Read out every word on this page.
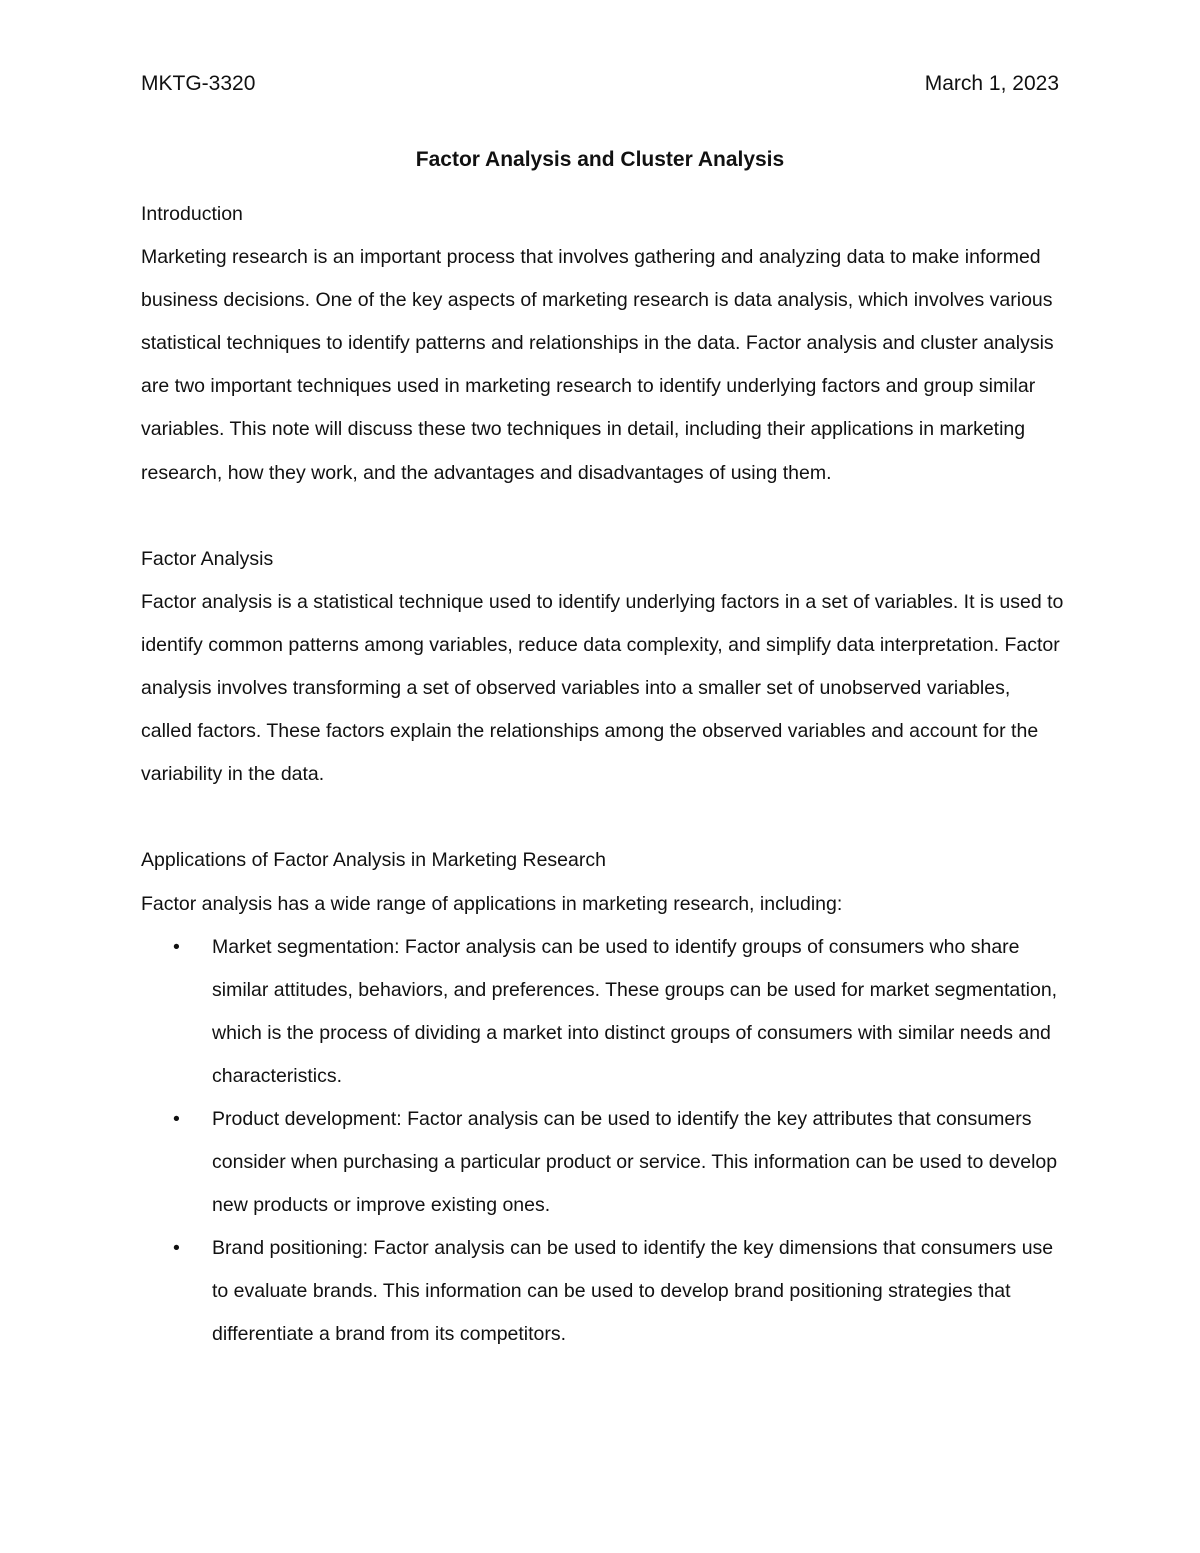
MKTG-3320	March 1, 2023
Factor Analysis and Cluster Analysis
Introduction

Marketing research is an important process that involves gathering and analyzing data to make informed business decisions. One of the key aspects of marketing research is data analysis, which involves various statistical techniques to identify patterns and relationships in the data. Factor analysis and cluster analysis are two important techniques used in marketing research to identify underlying factors and group similar variables. This note will discuss these two techniques in detail, including their applications in marketing research, how they work, and the advantages and disadvantages of using them.

Factor Analysis

Factor analysis is a statistical technique used to identify underlying factors in a set of variables. It is used to identify common patterns among variables, reduce data complexity, and simplify data interpretation. Factor analysis involves transforming a set of observed variables into a smaller set of unobserved variables, called factors. These factors explain the relationships among the observed variables and account for the variability in the data.

Applications of Factor Analysis in Marketing Research

Factor analysis has a wide range of applications in marketing research, including:

• Market segmentation: Factor analysis can be used to identify groups of consumers who share similar attitudes, behaviors, and preferences. These groups can be used for market segmentation, which is the process of dividing a market into distinct groups of consumers with similar needs and characteristics.
• Product development: Factor analysis can be used to identify the key attributes that consumers consider when purchasing a particular product or service. This information can be used to develop new products or improve existing ones.
• Brand positioning: Factor analysis can be used to identify the key dimensions that consumers use to evaluate brands. This information can be used to develop brand positioning strategies that differentiate a brand from its competitors.
